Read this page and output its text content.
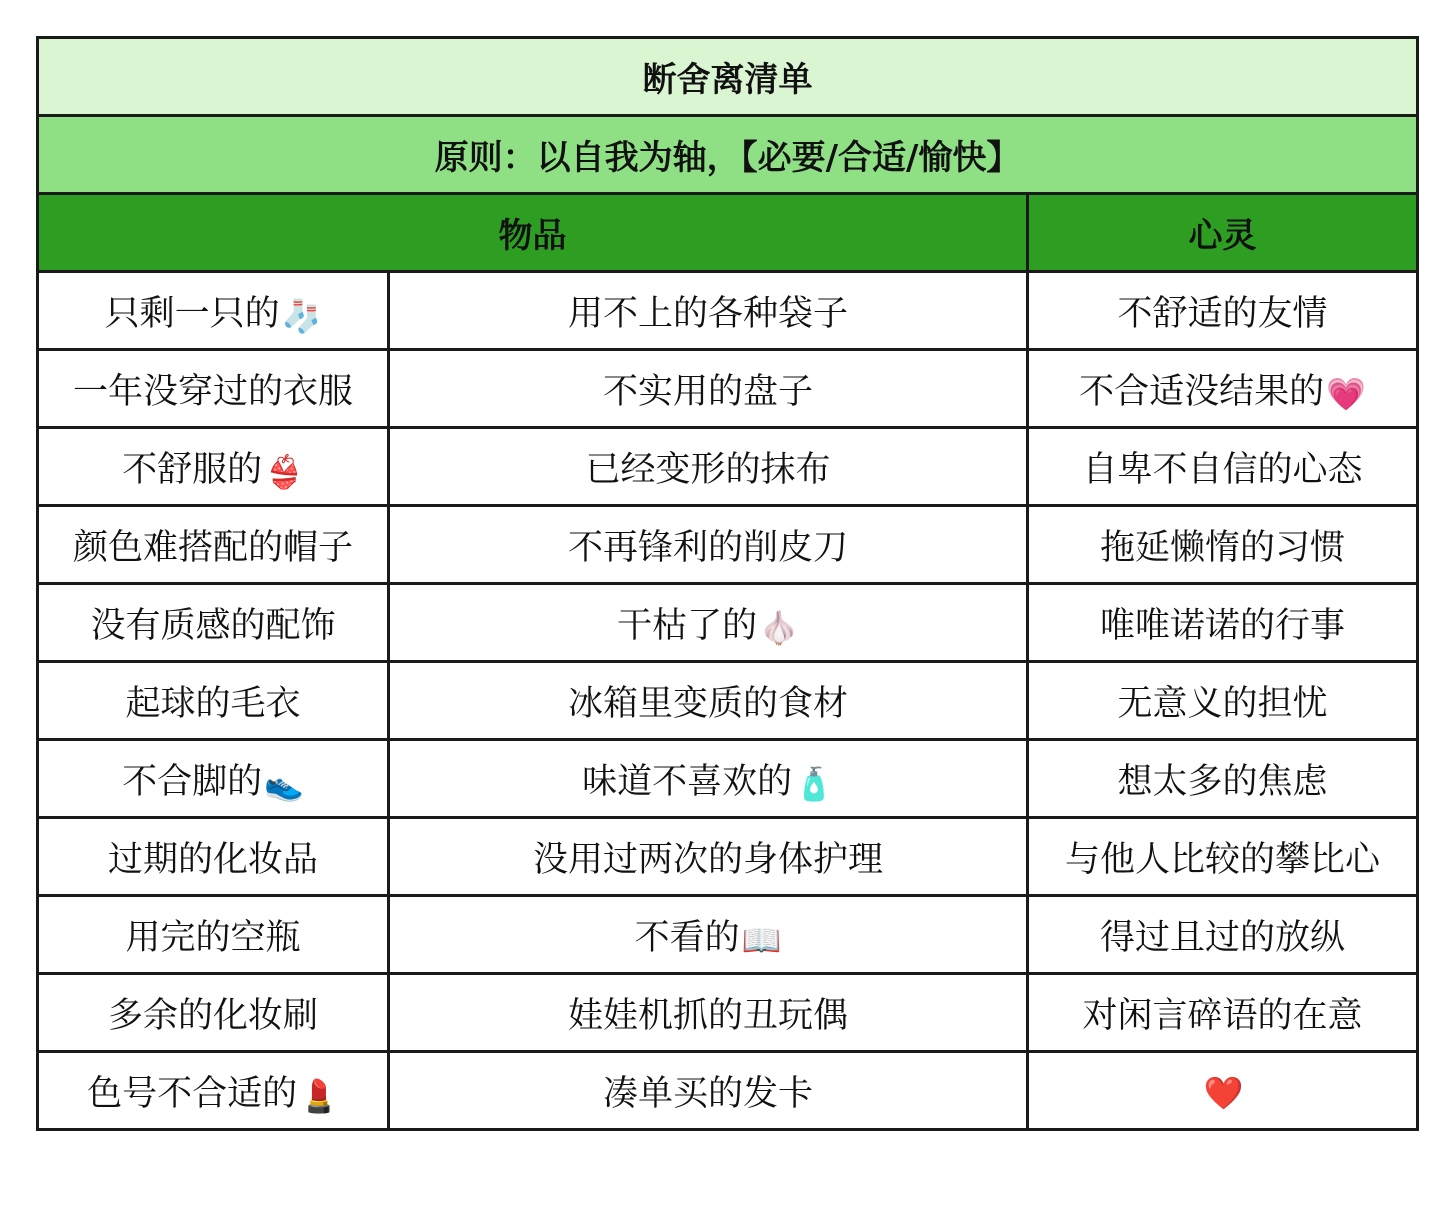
断舍离清单		
原则：以自我为轴，【必要/合适/愉快】		
物品		心灵
只剩一只的🧦	用不上的各种袋子	不舒适的友情
一年没穿过的衣服	不实用的盘子	不合适没结果的💗
不舒服的👙	已经变形的抹布	自卑不自信的心态
颜色难搭配的帽子	不再锋利的削皮刀	拖延懒惰的习惯
没有质感的配饰	干枯了的🧄	唯唯诺诺的行事
起球的毛衣	冰箱里变质的食材	无意义的担忧
不合脚的👟	味道不喜欢的🧴	想太多的焦虑
过期的化妆品	没用过两次的身体护理	与他人比较的攀比心
用完的空瓶	不看的📖	得过且过的放纵
多余的化妆刷	娃娃机抓的丑玩偶	对闲言碎语的在意
色号不合适的💄	凑单买的发卡	❤️
